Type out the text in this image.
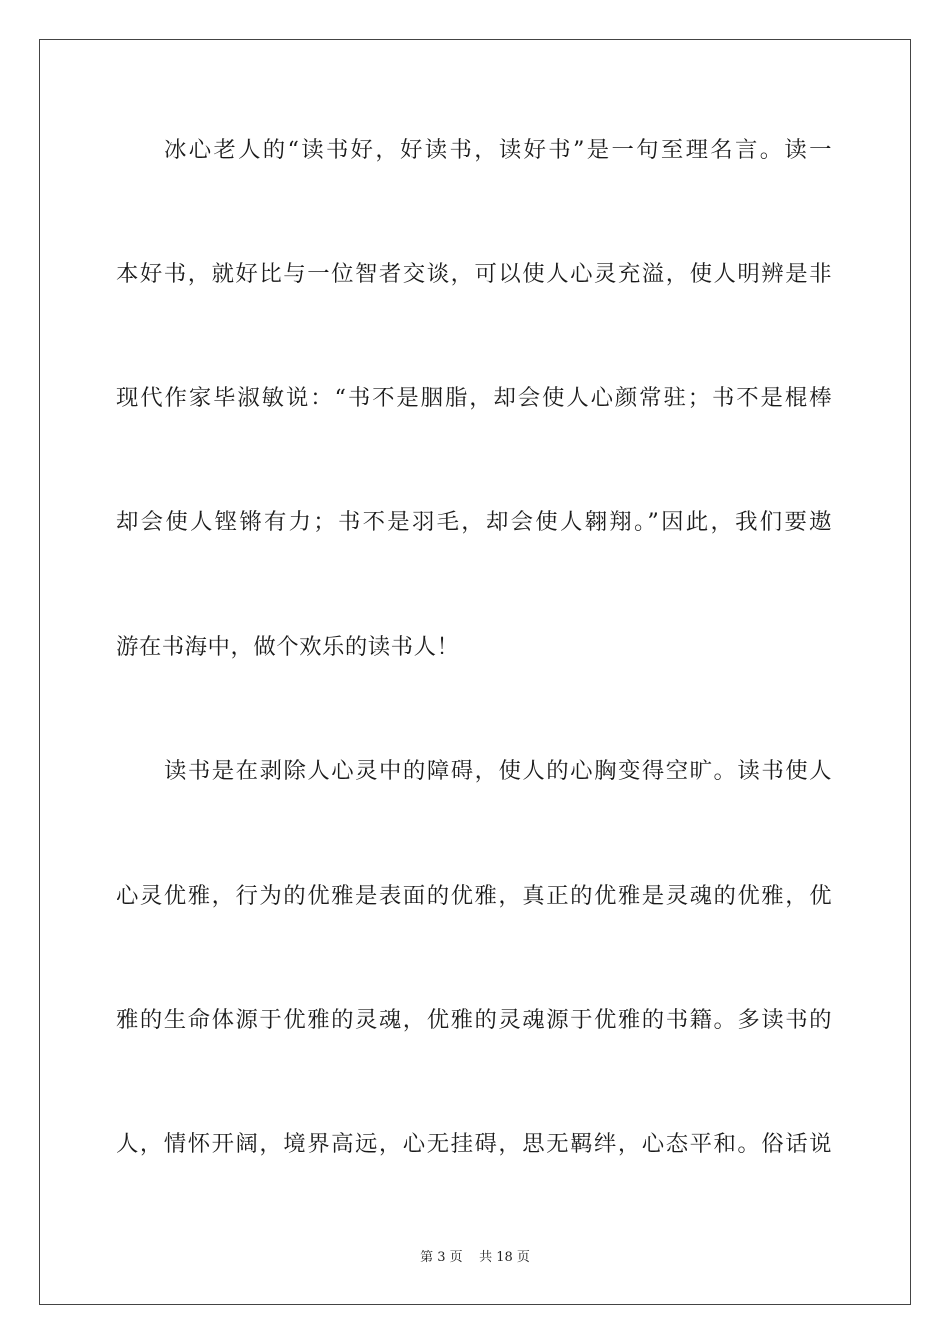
冰心老人的“读书好，好读书，读好书”是一句至理名言。读一
本好书，就好比与一位智者交谈，可以使人心灵充溢，使人明辨是非
现代作家毕淑敏说：“书不是胭脂，却会使人心颜常驻；书不是棍棒
却会使人铿锵有力；书不是羽毛，却会使人翱翔。”因此，我们要遨
游在书海中，做个欢乐的读书人！
读书是在剥除人心灵中的障碍，使人的心胸变得空旷。读书使人
心灵优雅，行为的优雅是表面的优雅，真正的优雅是灵魂的优雅，优
雅的生命体源于优雅的灵魂，优雅的灵魂源于优雅的书籍。多读书的
人，情怀开阔，境界高远，心无挂碍，思无羁绊，心态平和。俗话说
第 3 页    共 18 页
